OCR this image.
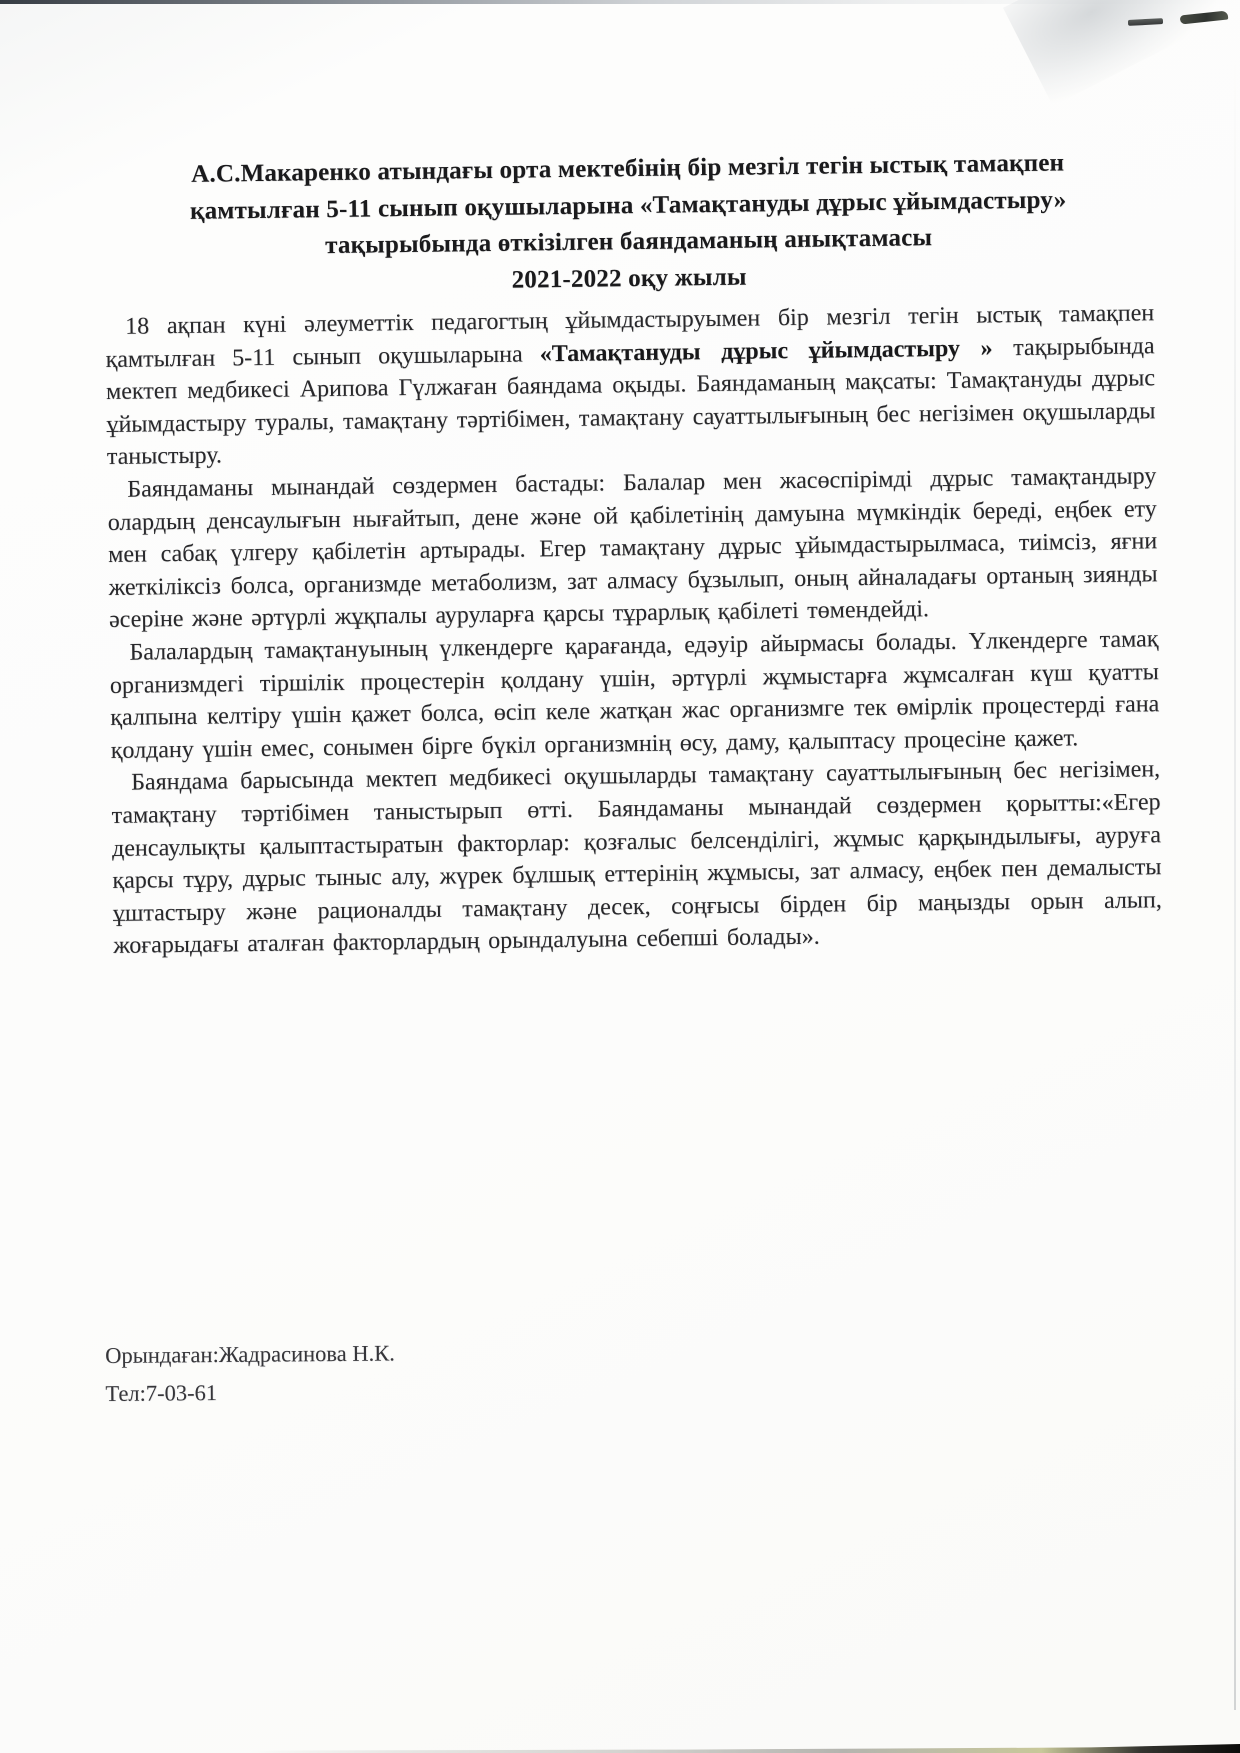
А.С.Макаренко атындағы орта мектебінің бір мезгіл тегін ыстық тамақпен
қамтылған 5-11 сынып оқушыларына «Тамақтануды дұрыс ұйымдастыру»
тақырыбында өткізілген баяндаманың анықтамасы
2021-2022 оқу жылы

18 ақпан күні әлеуметтік педагогтың ұйымдастыруымен бір мезгіл тегін ыстық тамақпен қамтылған 5-11 сынып оқушыларына «Тамақтануды дұрыс ұйымдастыру » тақырыбында мектеп медбикесі Арипова Гүлжаған баяндама оқыды. Баяндаманың мақсаты: Тамақтануды дұрыс ұйымдастыру туралы, тамақтану тәртібімен, тамақтану сауаттылығының бес негізімен оқушыларды таныстыру.

Баяндаманы мынандай сөздермен бастады: Балалар мен жасөспірімді дұрыс тамақтандыру олардың денсаулығын нығайтып, дене және ой қабілетінің дамуына мүмкіндік береді, еңбек ету мен сабақ үлгеру қабілетін артырады. Егер тамақтану дұрыс ұйымдастырылмаса, тиімсіз, яғни жеткіліксіз болса, организмде метаболизм, зат алмасу бұзылып, оның айналадағы ортаның зиянды әсеріне және әртүрлі жұқпалы ауруларға қарсы тұрарлық қабілеті төмендейді.

Балалардың тамақтануының үлкендерге қарағанда, едәуір айырмасы болады. Үлкендерге тамақ организмдегі тіршілік процестерін қолдану үшін, әртүрлі жұмыстарға жұмсалған күш қуатты қалпына келтіру үшін қажет болса, өсіп келе жатқан жас организмге тек өмірлік процестерді ғана қолдану үшін емес, сонымен бірге бүкіл организмнің өсу, даму, қалыптасу процесіне қажет.

Баяндама барысында мектеп медбикесі оқушыларды тамақтану сауаттылығының бес негізімен, тамақтану тәртібімен таныстырып өтті. Баяндаманы мынандай сөздермен қорытты:«Егер денсаулықты қалыптастыратын факторлар: қозғалыс белсенділігі, жұмыс қарқындылығы, ауруға қарсы тұру, дұрыс тыныс алу, жүрек бұлшық еттерінің жұмысы, зат алмасу, еңбек пен демалысты ұштастыру және рационалды тамақтану десек, соңғысы бірден бір маңызды орын алып, жоғарыдағы аталған факторлардың орындалуына себепші болады».

Орындаған:Жадрасинова Н.К.
Тел:7-03-61
